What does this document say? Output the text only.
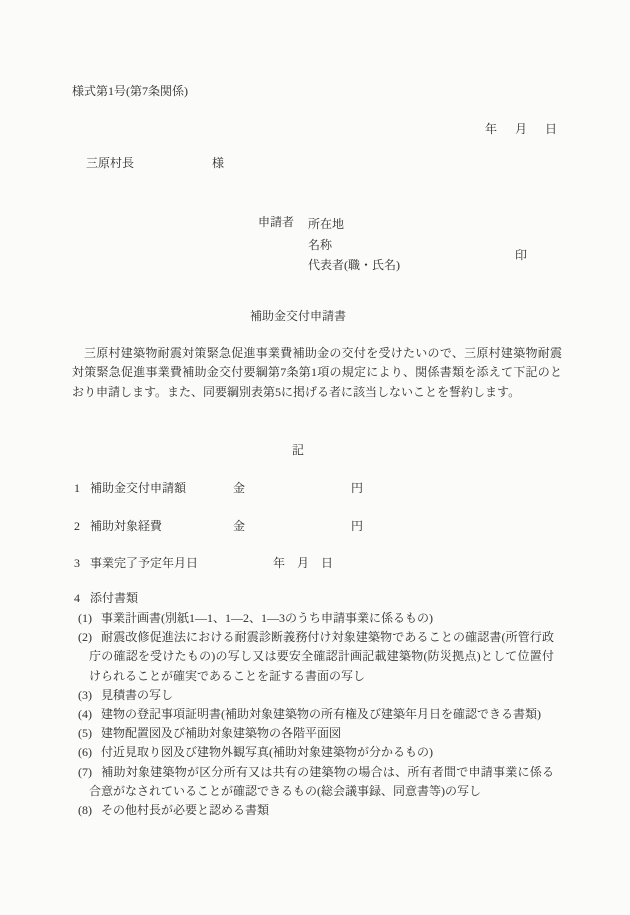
様式第1号(第7条関係)
年　月　日
三原村長	様
申請者	所在地
名称
代表者(職・氏名)
印
補助金交付申請書

三原村建築物耐震対策緊急促進事業費補助金の交付を受けたいので、三原村建築物耐震対策緊急促進事業費補助金交付要綱第7条第1項の規定により、関係書類を添えて下記のとおり申請します。また、同要綱別表第5に掲げる者に該当しないことを誓約します。

記
1 補助金交付申請額	金	円
2 補助対象経費	金	円
3 事業完了予定年月日	年　月　日
4 添付書類

(1) 事業計画書(別紙1―1、1―2、1―3のうち申請事業に係るもの)

(2) 耐震改修促進法における耐震診断義務付け対象建築物であることの確認書(所管行政庁の確認を受けたもの)の写し又は要安全確認計画記載建築物(防災拠点)として位置付けられることが確実であることを証する書面の写し

(3) 見積書の写し

(4) 建物の登記事項証明書(補助対象建築物の所有権及び建築年月日を確認できる書類)

(5) 建物配置図及び補助対象建築物の各階平面図

(6) 付近見取り図及び建物外観写真(補助対象建築物が分かるもの)

(7) 補助対象建築物が区分所有又は共有の建築物の場合は、所有者間で申請事業に係る合意がなされていることが確認できるもの(総会議事録、同意書等)の写し

(8) その他村長が必要と認める書類
